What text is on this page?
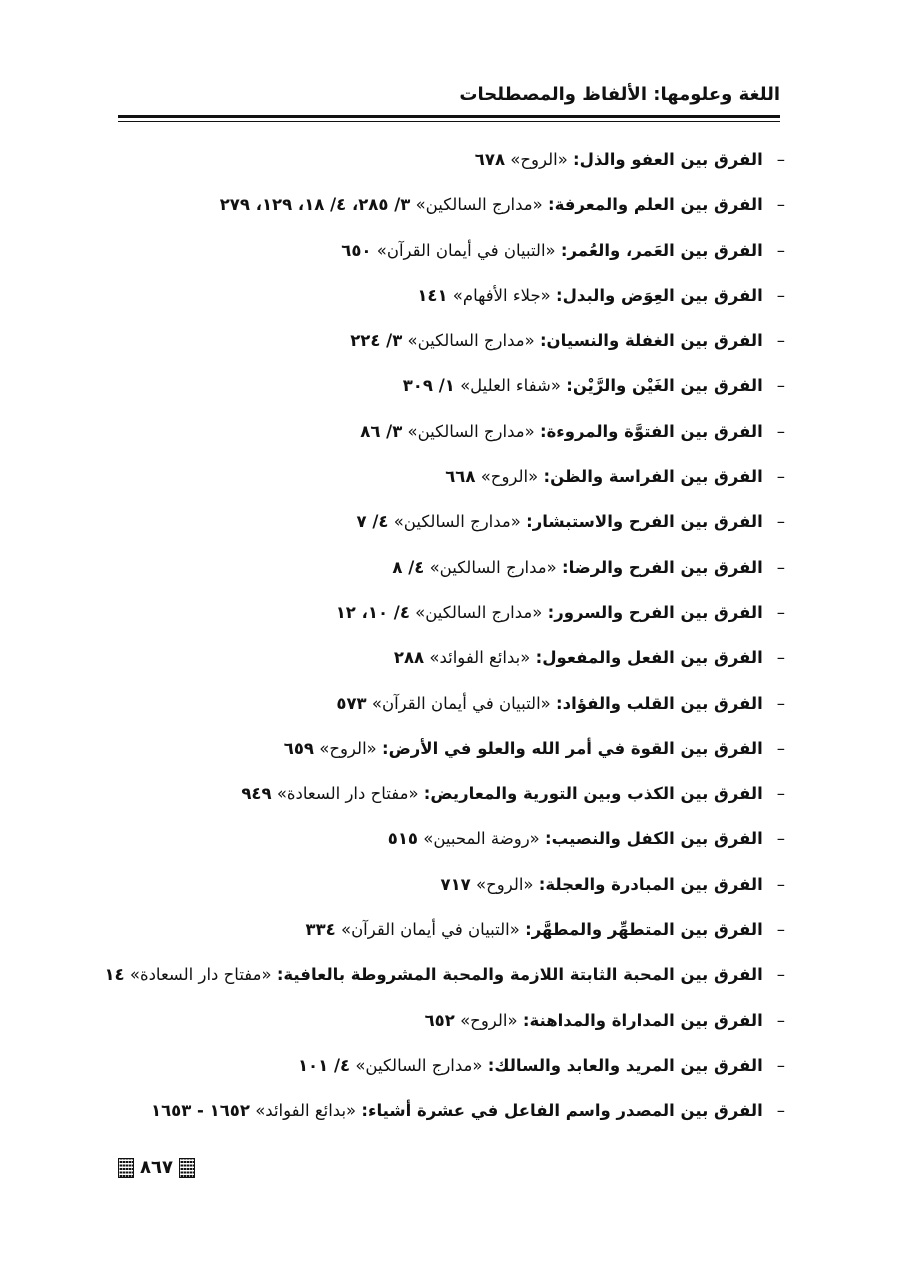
اللغة وعلومها: الألفاظ والمصطلحات
–الفرق بين العفو والذل: «الروح» ٦٧٨
–الفرق بين العلم والمعرفة: «مدارج السالكين» ٣/ ٢٨٥، ٤/ ١٨، ١٢٩، ٢٧٩
–الفرق بين العَمر، والعُمر: «التبيان في أيمان القرآن» ٦٥٠
–الفرق بين العِوَض والبدل: «جلاء الأفهام» ١٤١
–الفرق بين الغفلة والنسيان: «مدارج السالكين» ٣/ ٢٢٤
–الفرق بين الغَيْن والرَّيْن: «شفاء العليل» ١/ ٣٠٩
–الفرق بين الفتوَّة والمروءة: «مدارج السالكين» ٣/ ٨٦
–الفرق بين الفراسة والظن: «الروح» ٦٦٨
–الفرق بين الفرح والاستبشار: «مدارج السالكين» ٤/ ٧
–الفرق بين الفرح والرضا: «مدارج السالكين» ٤/ ٨
–الفرق بين الفرح والسرور: «مدارج السالكين» ٤/ ١٠، ١٢
–الفرق بين الفعل والمفعول: «بدائع الفوائد» ٢٨٨
–الفرق بين القلب والفؤاد: «التبيان في أيمان القرآن» ٥٧٣
–الفرق بين القوة في أمر الله والعلو في الأرض: «الروح» ٦٥٩
–الفرق بين الكذب وبين التورية والمعاريض: «مفتاح دار السعادة» ٩٤٩
–الفرق بين الكفل والنصيب: «روضة المحبين» ٥١٥
–الفرق بين المبادرة والعجلة: «الروح» ٧١٧
–الفرق بين المتطهِّر والمطهَّر: «التبيان في أيمان القرآن» ٣٣٤
–الفرق بين المحبة الثابتة اللازمة والمحبة المشروطة بالعافية: «مفتاح دار السعادة» ١٤
–الفرق بين المداراة والمداهنة: «الروح» ٦٥٢
–الفرق بين المريد والعابد والسالك: «مدارج السالكين» ٤/ ١٠١
–الفرق بين المصدر واسم الفاعل في عشرة أشياء: «بدائع الفوائد» ١٦٥٢ - ١٦٥٣
٨٦٧
